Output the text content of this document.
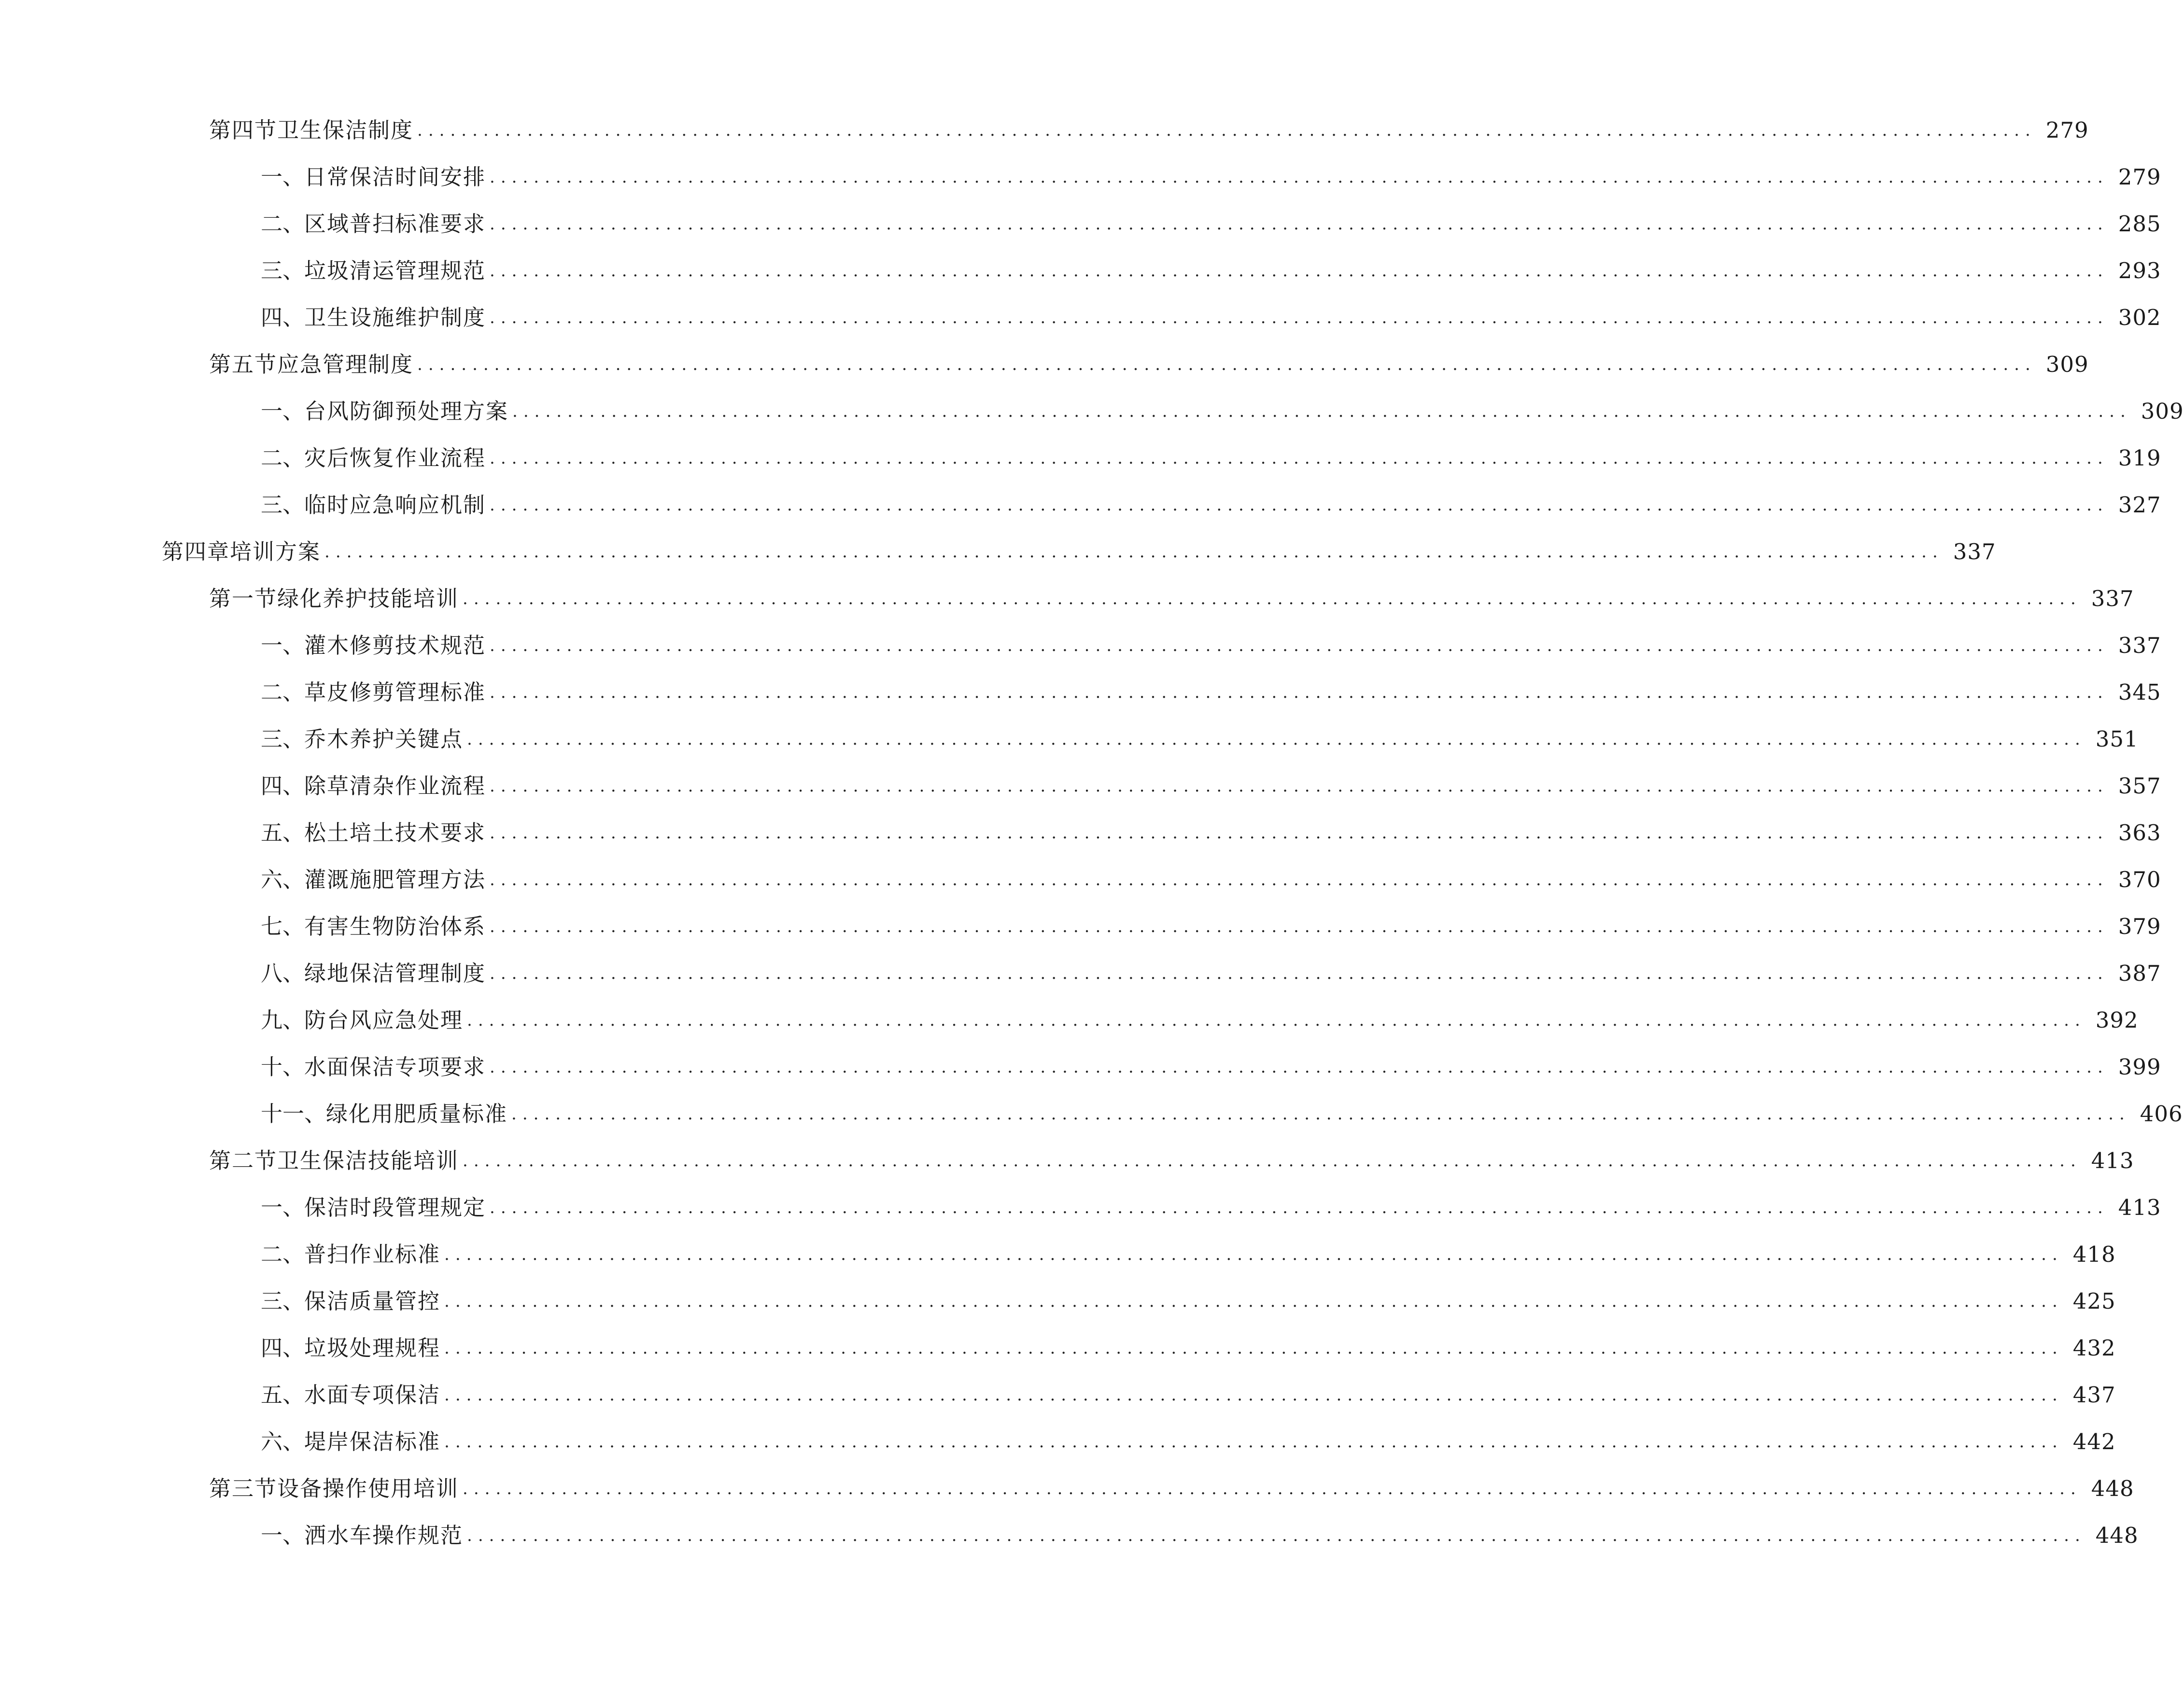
第四节 卫生保洁制度 ................................................................................................................................................... 279
一、 日常保洁时间安排 ................................................................................................................................................... 279
二、 区域普扫标准要求 ................................................................................................................................................... 285
三、 垃圾清运管理规范 ................................................................................................................................................... 293
四、 卫生设施维护制度 ................................................................................................................................................... 302
第五节 应急管理制度 ................................................................................................................................................... 309
一、 台风防御预处理方案 ................................................................................................................................................... 309
二、 灾后恢复作业流程 ................................................................................................................................................... 319
三、 临时应急响应机制 ................................................................................................................................................... 327
第四章 培训方案 ................................................................................................................................................... 337
第一节 绿化养护技能培训 ................................................................................................................................................... 337
一、 灌木修剪技术规范 ................................................................................................................................................... 337
二、 草皮修剪管理标准 ................................................................................................................................................... 345
三、 乔木养护关键点 ................................................................................................................................................... 351
四、 除草清杂作业流程 ................................................................................................................................................... 357
五、 松土培土技术要求 ................................................................................................................................................... 363
六、 灌溉施肥管理方法 ................................................................................................................................................... 370
七、 有害生物防治体系 ................................................................................................................................................... 379
八、 绿地保洁管理制度 ................................................................................................................................................... 387
九、 防台风应急处理 ................................................................................................................................................... 392
十、 水面保洁专项要求 ................................................................................................................................................... 399
十一、 绿化用肥质量标准 ................................................................................................................................................... 406
第二节 卫生保洁技能培训 ................................................................................................................................................... 413
一、 保洁时段管理规定 ................................................................................................................................................... 413
二、 普扫作业标准 ................................................................................................................................................... 418
三、 保洁质量管控 ................................................................................................................................................... 425
四、 垃圾处理规程 ................................................................................................................................................... 432
五、 水面专项保洁 ................................................................................................................................................... 437
六、 堤岸保洁标准 ................................................................................................................................................... 442
第三节 设备操作使用培训 ................................................................................................................................................... 448
一、 洒水车操作规范 ................................................................................................................................................... 448
